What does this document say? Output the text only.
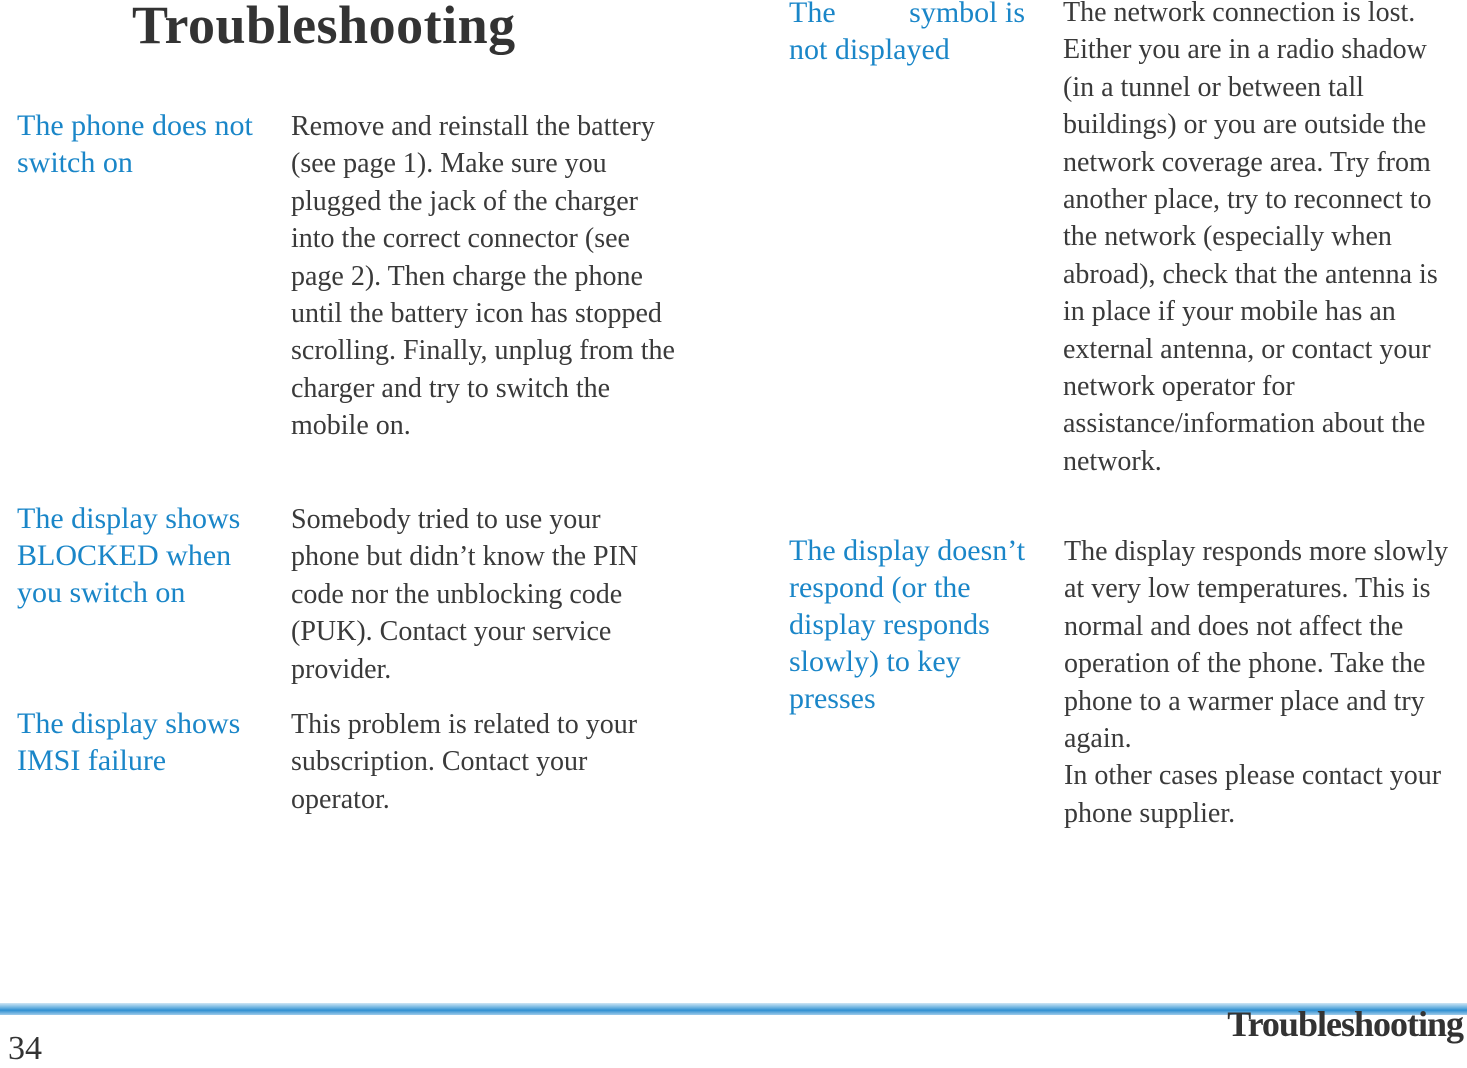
Troubleshooting
The phone does not switch on

Remove and reinstall the battery (see page 1). Make sure you plugged the jack of the charger into the correct connector (see page 2). Then charge the phone until the battery icon has stopped scrolling. Finally, unplug from the charger and try to switch the mobile on.

The display shows
BLOCKED when
you switch on

Somebody tried to use your phone but didn’t know the PIN code nor the unblocking code (PUK). Contact your service provider.

The display shows
IMSI failure

This problem is related to your subscription. Contact your operator.

The symbol is
not displayed

The network connection is lost. Either you are in a radio shadow (in a tunnel or between tall buildings) or you are outside the network coverage area. Try from another place, try to reconnect to the network (especially when abroad), check that the antenna is in place if your mobile has an external antenna, or contact your network operator for assistance/information about the network.

The display doesn’t
respond (or the display responds slowly) to key presses

The display responds more slowly at very low temperatures. This is normal and does not affect the operation of the phone. Take the phone to a warmer place and try again.

In other cases please contact your phone supplier.

Troubleshooting
34
